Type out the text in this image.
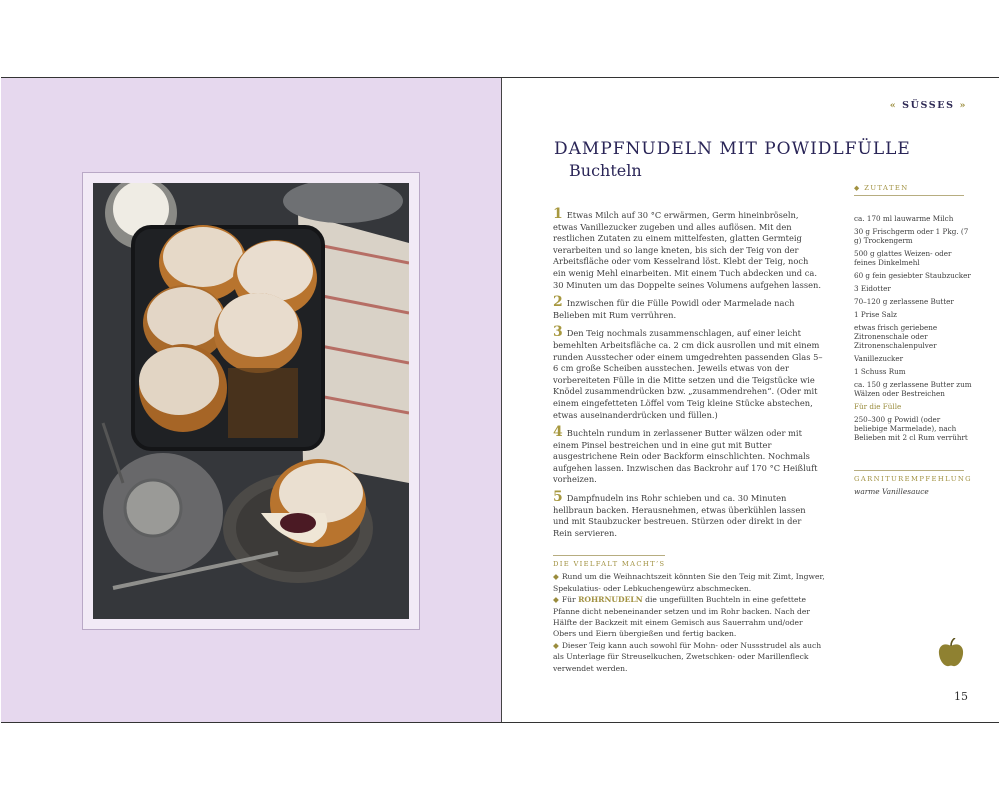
« SÜSSES »
DAMPFNUDELN MIT POWIDLFÜLLE
Buchteln
1 Etwas Milch auf 30 °C erwärmen, Germ hineinbröseln, etwas Vanillezucker zugeben und alles auflösen. Mit den restlichen Zutaten zu einem mittelfesten, glatten Germteig verarbeiten und so lange kneten, bis sich der Teig von der Arbeitsfläche oder vom Kesselrand löst. Klebt der Teig, noch ein wenig Mehl einarbeiten. Mit einem Tuch abdecken und ca. 30 Minuten um das Doppelte seines Volumens aufgehen lassen.
2 Inzwischen für die Fülle Powidl oder Marmelade nach Belieben mit Rum verrühren.
3 Den Teig nochmals zusammenschlagen, auf einer leicht bemehlten Arbeitsfläche ca. 2 cm dick ausrollen und mit einem runden Ausstecher oder einem umgedrehten passenden Glas 5–6 cm große Scheiben ausstechen. Jeweils etwas von der vorbereiteten Fülle in die Mitte setzen und die Teigstücke wie Knödel zusammendrücken bzw. „zusammendrehen“. (Oder mit einem eingefetteten Löffel vom Teig kleine Stücke abstechen, etwas auseinanderdrücken und füllen.)
4 Buchteln rundum in zerlassener Butter wälzen oder mit einem Pinsel bestreichen und in eine gut mit Butter ausgestrichene Rein oder Backform einschlichten. Nochmals aufgehen lassen. Inzwischen das Backrohr auf 170 °C Heißluft vorheizen.
5 Dampfnudeln ins Rohr schieben und ca. 30 Minuten hellbraun backen. Herausnehmen, etwas überkühlen lassen und mit Staubzucker bestreuen. Stürzen oder direkt in der Rein servieren.
◆ ZUTATEN
ca. 170 ml lauwarme Milch
30 g Frischgerm oder 1 Pkg. (7 g) Trockengerm
500 g glattes Weizen- oder feines Dinkelmehl
60 g fein gesiebter Staubzucker
3 Eidotter
70–120 g zerlassene Butter
1 Prise Salz
etwas frisch geriebene Zitronenschale oder Zitronenschalenpulver
Vanillezucker
1 Schuss Rum
ca. 150 g zerlassene Butter zum Wälzen oder Bestreichen
Für die Fülle
250–300 g Powidl (oder beliebige Marmelade), nach Belieben mit 2 cl Rum verrührt
GARNITUREMPFEHLUNG
warme Vanillesauce
DIE VIELFALT MACHT’S
◆ Rund um die Weihnachtszeit könnten Sie den Teig mit Zimt, Ingwer, Spekulatius- oder Lebkuchengewürz abschmecken.
◆ Für ROHRNUDELN die ungefüllten Buchteln in eine gefettete Pfanne dicht nebeneinander setzen und im Rohr backen. Nach der Hälfte der Backzeit mit einem Gemisch aus Sauerrahm und/oder Obers und Eiern übergießen und fertig backen.
◆ Dieser Teig kann auch sowohl für Mohn- oder Nussstrudel als auch als Unterlage für Streuselkuchen, Zwetschken- oder Marillenfleck verwendet werden.
15
